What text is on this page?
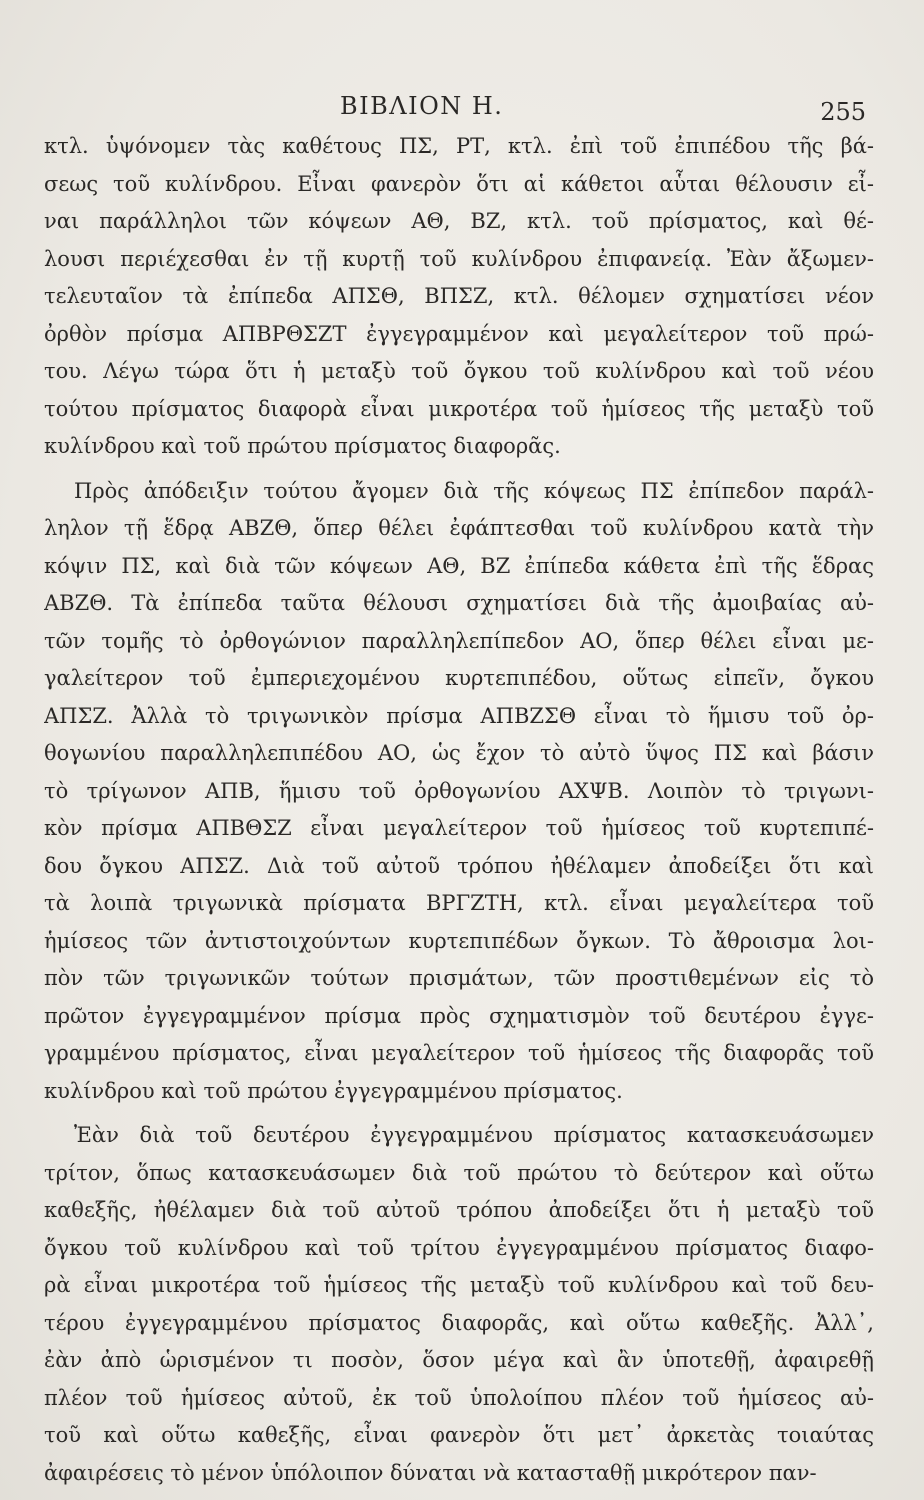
ΒΙΒΛΙΟΝ Η.	255
κτλ. ὑψόνομεν τὰς καθέτους ΠΣ, ΡΤ, κτλ. ἐπὶ τοῦ ἐπιπέδου τῆς βά-
σεως τοῦ κυλίνδρου. Εἶναι φανερὸν ὅτι αἱ κάθετοι αὗται θέλουσιν εἶ-
ναι παράλληλοι τῶν κόψεων ΑΘ, ΒΖ, κτλ. τοῦ πρίσματος, καὶ θέ-
λουσι περιέχεσθαι ἐν τῇ κυρτῇ τοῦ κυλίνδρου ἐπιφανείᾳ. Ἐὰν ἄξωμεν-
τελευταῖον τὰ ἐπίπεδα ΑΠΣΘ, ΒΠΣΖ, κτλ. θέλομεν σχηματίσει νέον
ὀρθὸν πρίσμα ΑΠΒΡΘΣΖΤ ἐγγεγραμμένον καὶ μεγαλείτερον τοῦ πρώ-
του. Λέγω τώρα ὅτι ἡ μεταξὺ τοῦ ὄγκου τοῦ κυλίνδρου καὶ τοῦ νέου
τούτου πρίσματος διαφορὰ εἶναι μικροτέρα τοῦ ἡμίσεος τῆς μεταξὺ τοῦ
κυλίνδρου καὶ τοῦ πρώτου πρίσματος διαφορᾶς.
Πρὸς ἀπόδειξιν τούτου ἄγομεν διὰ τῆς κόψεως ΠΣ ἐπίπεδον παράλ-
ληλον τῇ ἕδρᾳ ΑΒΖΘ, ὅπερ θέλει ἐφάπτεσθαι τοῦ κυλίνδρου κατὰ τὴν
κόψιν ΠΣ, καὶ διὰ τῶν κόψεων ΑΘ, ΒΖ ἐπίπεδα κάθετα ἐπὶ τῆς ἕδρας
ΑΒΖΘ. Τὰ ἐπίπεδα ταῦτα θέλουσι σχηματίσει διὰ τῆς ἀμοιβαίας αὐ-
τῶν τομῆς τὸ ὀρθογώνιον παραλληλεπίπεδον ΑΟ, ὅπερ θέλει εἶναι με-
γαλείτερον τοῦ ἐμπεριεχομένου κυρτεπιπέδου, οὕτως εἰπεῖν, ὄγκου
ΑΠΣΖ. Ἀλλὰ τὸ τριγωνικὸν πρίσμα ΑΠΒΖΣΘ εἶναι τὸ ἥμισυ τοῦ ὀρ-
θογωνίου παραλληλεπιπέδου ΑΟ, ὡς ἔχον τὸ αὐτὸ ὕψος ΠΣ καὶ βάσιν
τὸ τρίγωνον ΑΠΒ, ἥμισυ τοῦ ὀρθογωνίου ΑΧΨΒ. Λοιπὸν τὸ τριγωνι-
κὸν πρίσμα ΑΠΒΘΣΖ εἶναι μεγαλείτερον τοῦ ἡμίσεος τοῦ κυρτεπιπέ-
δου ὄγκου ΑΠΣΖ. Διὰ τοῦ αὐτοῦ τρόπου ἠθέλαμεν ἀποδείξει ὅτι καὶ
τὰ λοιπὰ τριγωνικὰ πρίσματα ΒΡΓΖΤΗ, κτλ. εἶναι μεγαλείτερα τοῦ
ἡμίσεος τῶν ἀντιστοιχούντων κυρτεπιπέδων ὄγκων. Τὸ ἄθροισμα λοι-
πὸν τῶν τριγωνικῶν τούτων πρισμάτων, τῶν προστιθεμένων εἰς τὸ
πρῶτον ἐγγεγραμμένον πρίσμα πρὸς σχηματισμὸν τοῦ δευτέρου ἐγγε-
γραμμένου πρίσματος, εἶναι μεγαλείτερον τοῦ ἡμίσεος τῆς διαφορᾶς τοῦ
κυλίνδρου καὶ τοῦ πρώτου ἐγγεγραμμένου πρίσματος.
Ἐὰν διὰ τοῦ δευτέρου ἐγγεγραμμένου πρίσματος κατασκευάσωμεν
τρίτον, ὅπως κατασκευάσωμεν διὰ τοῦ πρώτου τὸ δεύτερον καὶ οὕτω
καθεξῆς, ἠθέλαμεν διὰ τοῦ αὐτοῦ τρόπου ἀποδείξει ὅτι ἡ μεταξὺ τοῦ
ὄγκου τοῦ κυλίνδρου καὶ τοῦ τρίτου ἐγγεγραμμένου πρίσματος διαφο-
ρὰ εἶναι μικροτέρα τοῦ ἡμίσεος τῆς μεταξὺ τοῦ κυλίνδρου καὶ τοῦ δευ-
τέρου ἐγγεγραμμένου πρίσματος διαφορᾶς, καὶ οὕτω καθεξῆς. Ἀλλ᾽,
ἐὰν ἀπὸ ὡρισμένον τι ποσὸν, ὅσον μέγα καὶ ἂν ὑποτεθῇ, ἀφαιρεθῇ
πλέον τοῦ ἡμίσεος αὐτοῦ, ἐκ τοῦ ὑπολοίπου πλέον τοῦ ἡμίσεος αὐ-
τοῦ καὶ οὕτω καθεξῆς, εἶναι φανερὸν ὅτι μετ᾽ ἀρκετὰς τοιαύτας
ἀφαιρέσεις τὸ μένον ὑπόλοιπον δύναται νὰ κατασταθῇ μικρότερον παν-
